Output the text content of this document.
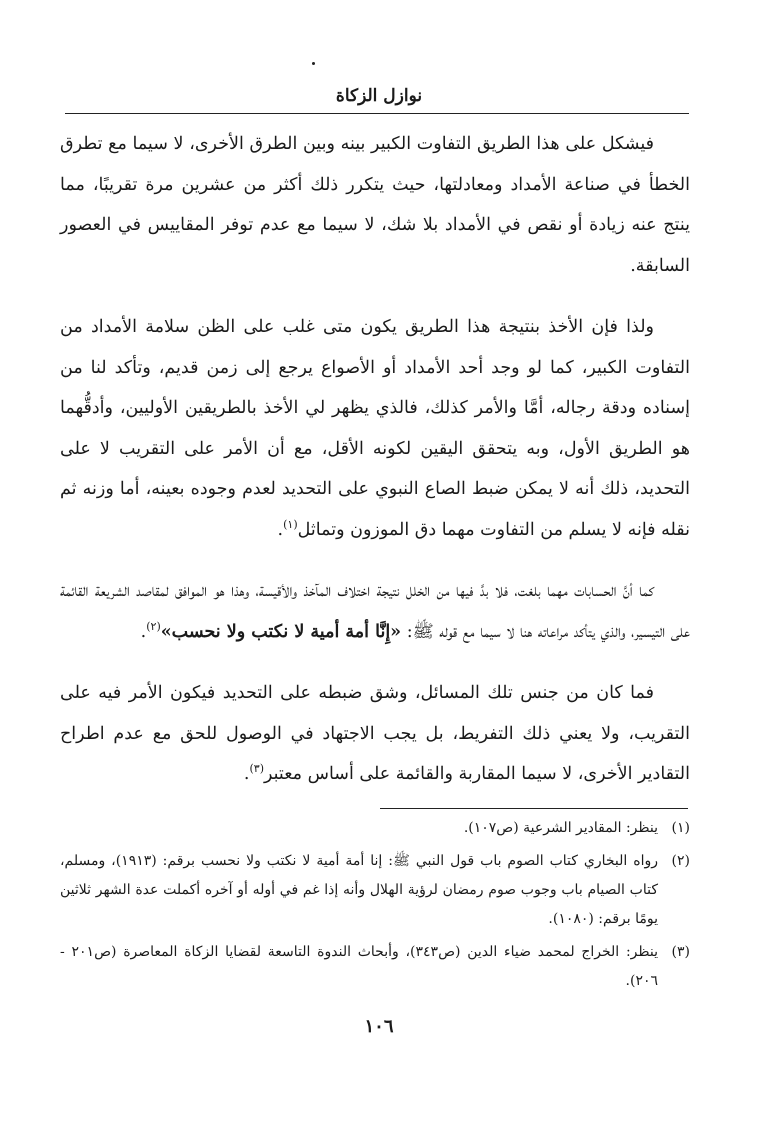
نوازل الزكاة

فيشكل على هذا الطريق التفاوت الكبير بينه وبين الطرق الأخرى، لا سيما مع تطرق الخطأ في صناعة الأمداد ومعادلتها، حيث يتكرر ذلك أكثر من عشرين مرة تقريبًا، مما ينتج عنه زيادة أو نقص في الأمداد بلا شك، لا سيما مع عدم توفر المقاييس في العصور السابقة.

ولذا فإن الأخذ بنتيجة هذا الطريق يكون متى غلب على الظن سلامة الأمداد من التفاوت الكبير، كما لو وجد أحد الأمداد أو الأصواع يرجع إلى زمن قديم، وتأكد لنا من إسناده ودقة رجاله، أمَّا والأمر كذلك، فالذي يظهر لي الأخذ بالطريقين الأوليين، وأدقُّهما هو الطريق الأول، وبه يتحقق اليقين لكونه الأقل، مع أن الأمر على التقريب لا على التحديد، ذلك أنه لا يمكن ضبط الصاع النبوي على التحديد لعدم وجوده بعينه، أما وزنه ثم نقله فإنه لا يسلم من التفاوت مهما دق الموزون وتماثل$^{(١)}$.

كما أنَّ الحسابات مهما بلغت، فلا بدَّ فيها من الخلل نتيجة اختلاف المآخذ والأقيسة، وهذا هو الموافق لمقاصد الشريعة القائمة على التيسير، والذي يتأكد مراعاته هنا لا سيما مع قوله ﷺ: «إِنَّا أمة أمية لا نكتب ولا نحسب»$^{(٢)}$.

فما كان من جنس تلك المسائل، وشق ضبطه على التحديد فيكون الأمر فيه على التقريب، ولا يعني ذلك التفريط، بل يجب الاجتهاد في الوصول للحق مع عدم اطراح التقادير الأخرى، لا سيما المقاربة والقائمة على أساس معتبر$^{(٣)}$.

(١)
ينظر: المقادير الشرعية (ص١٠٧).
(٢)
رواه البخاري كتاب الصوم باب قول النبي ﷺ: إنا أمة أمية لا نكتب ولا نحسب برقم: (١٩١٣)، ومسلم، كتاب الصيام باب وجوب صوم رمضان لرؤية الهلال وأنه إذا غم في أوله أو آخره أكملت عدة الشهر ثلاثين يومًا برقم: (١٠٨٠).
(٣)
ينظر: الخراج لمحمد ضياء الدين (ص٣٤٣)، وأبحاث الندوة التاسعة لقضايا الزكاة المعاصرة (ص٢٠١ - ٢٠٦).
١٠٦
